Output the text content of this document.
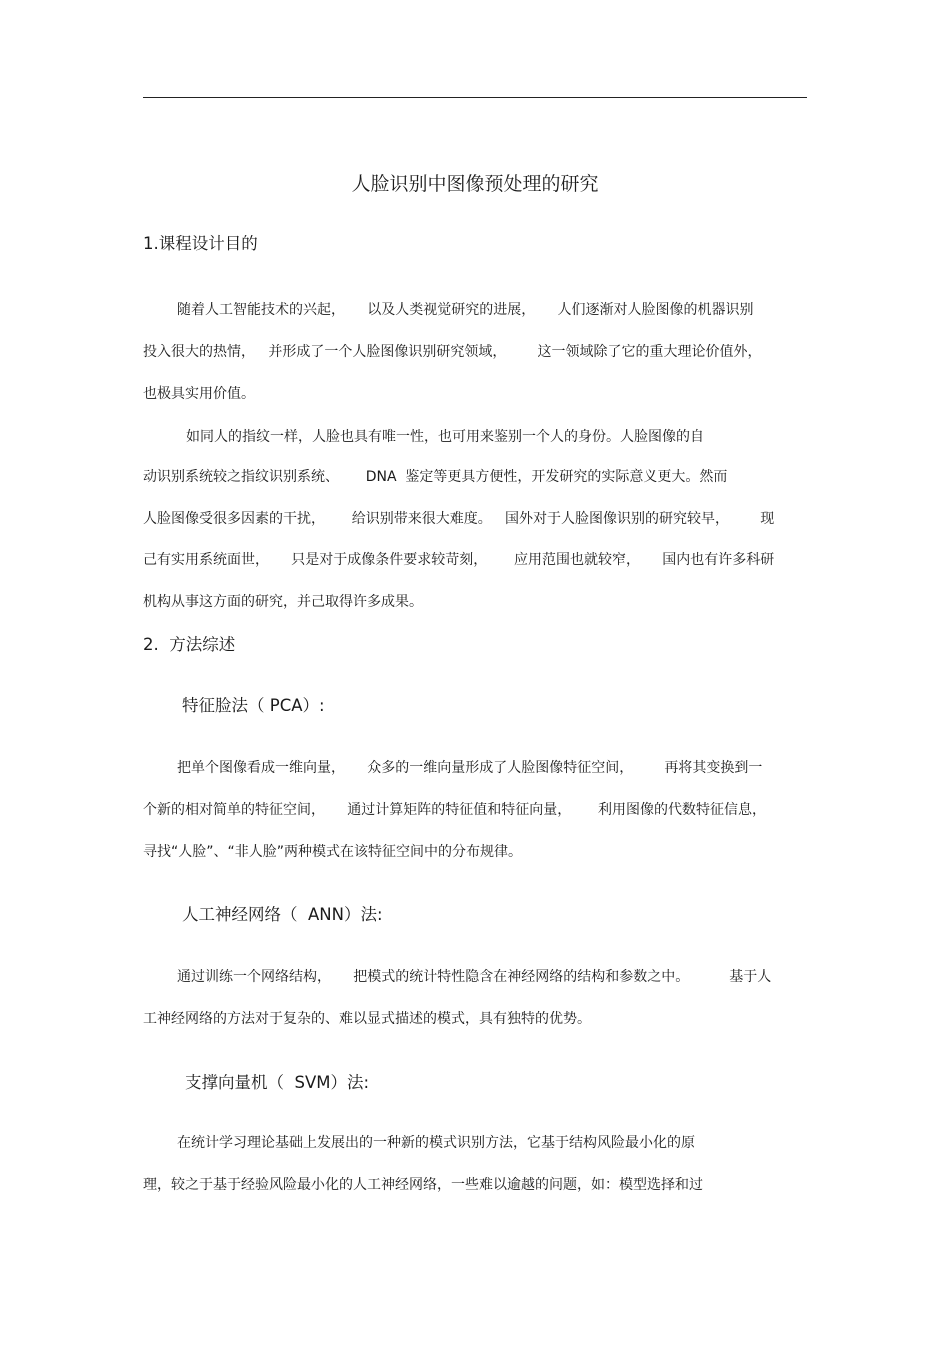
人脸识别中图像预处理的研究
1.课程设计目的
随着人工智能技术的兴起，     以及人类视觉研究的进展，     人们逐渐对人脸图像的机器识别
投入很大的热情，   并形成了一个人脸图像识别研究领域，       这一领域除了它的重大理论价值外，
也极具实用价值。
如同人的指纹一样，人脸也具有唯一性，也可用来鉴别一个人的身份。人脸图像的自
动识别系统较之指纹识别系统、      DNA  鉴定等更具方便性，开发研究的实际意义更大。然而
人脸图像受很多因素的干扰，      给识别带来很大难度。   国外对于人脸图像识别的研究较早，       现
己有实用系统面世，     只是对于成像条件要求较苛刻，      应用范围也就较窄，     国内也有许多科研
机构从事这方面的研究，并己取得许多成果。
2.  方法综述
特征脸法（ PCA）:
把单个图像看成一维向量，     众多的一维向量形成了人脸图像特征空间，       再将其变换到一
个新的相对简单的特征空间，     通过计算矩阵的特征值和特征向量，      利用图像的代数特征信息，
寻找“人脸”、“非人脸”两种模式在该特征空间中的分布规律。
人工神经网络（  ANN）法:
通过训练一个网络结构，     把模式的统计特性隐含在神经网络的结构和参数之中。         基于人
工神经网络的方法对于复杂的、难以显式描述的模式，具有独特的优势。
支撑向量机（  SVM）法:
在统计学习理论基础上发展出的一种新的模式识别方法，它基于结构风险最小化的原
理，较之于基于经验风险最小化的人工神经网络，一些难以逾越的问题，如：模型选择和过
